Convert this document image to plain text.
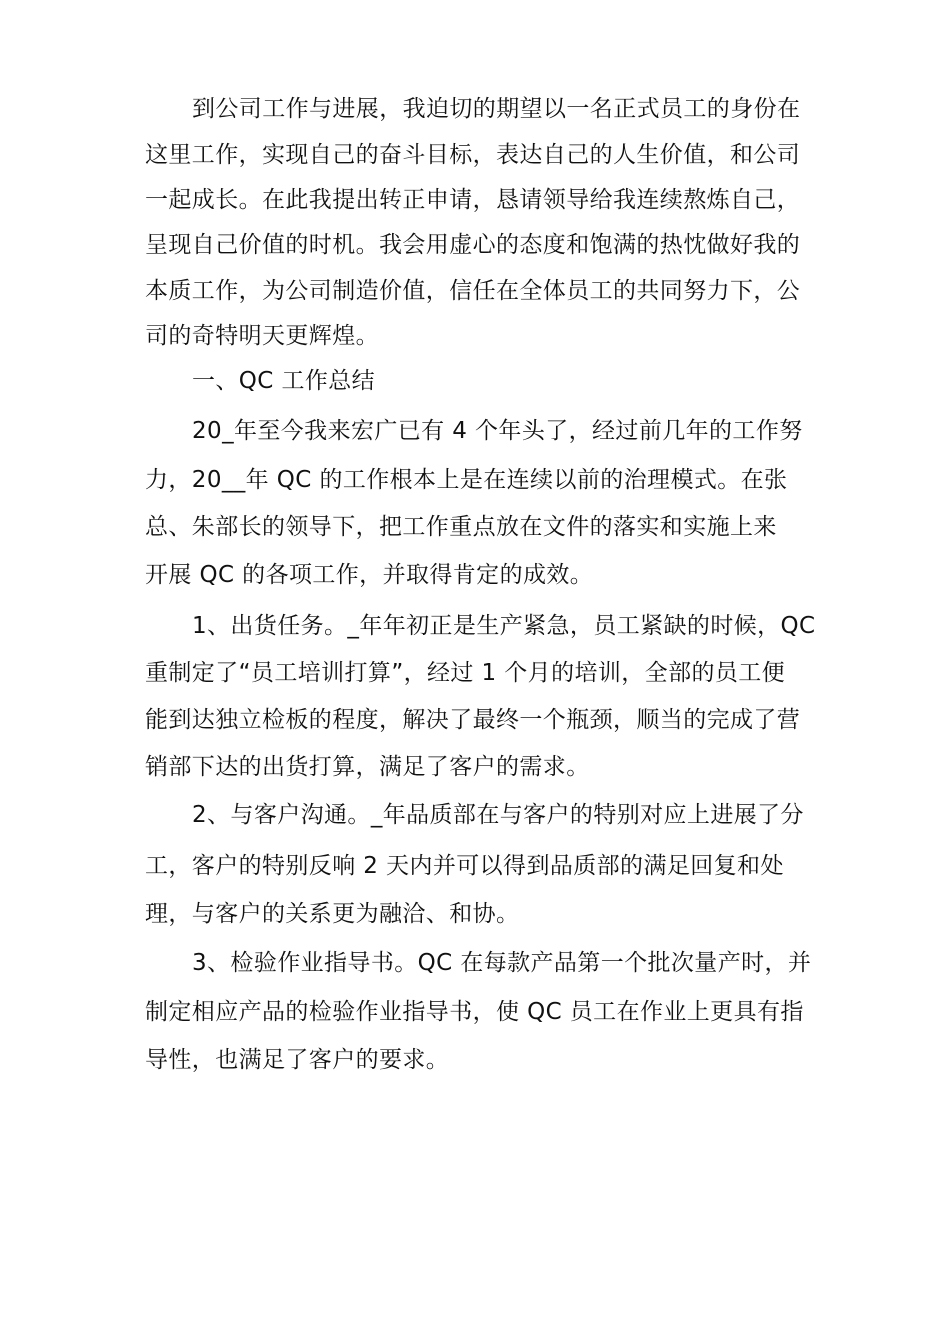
到公司工作与进展，我迫切的期望以一名正式员工的身份在
这里工作，实现自己的奋斗目标，表达自己的人生价值，和公司
一起成长。在此我提出转正申请，恳请领导给我连续熬炼自己，
呈现自己价值的时机。我会用虚心的态度和饱满的热忱做好我的
本质工作，为公司制造价值，信任在全体员工的共同努力下，公
司的奇特明天更辉煌。
一、QC 工作总结
20_年至今我来宏广已有 4 个年头了，经过前几年的工作努
力，20__年 QC 的工作根本上是在连续以前的治理模式。在张
总、朱部长的领导下，把工作重点放在文件的落实和实施上来
开展 QC 的各项工作，并取得肯定的成效。
1、出货任务。_年年初正是生产紧急，员工紧缺的时候，QC
重制定了“员工培训打算”，经过 1 个月的培训，全部的员工便
能到达独立检板的程度，解决了最终一个瓶颈，顺当的完成了营
销部下达的出货打算，满足了客户的需求。
2、与客户沟通。_年品质部在与客户的特别对应上进展了分
工，客户的特别反响 2 天内并可以得到品质部的满足回复和处
理，与客户的关系更为融洽、和协。
3、检验作业指导书。QC 在每款产品第一个批次量产时，并
制定相应产品的检验作业指导书，使 QC 员工在作业上更具有指
导性，也满足了客户的要求。
